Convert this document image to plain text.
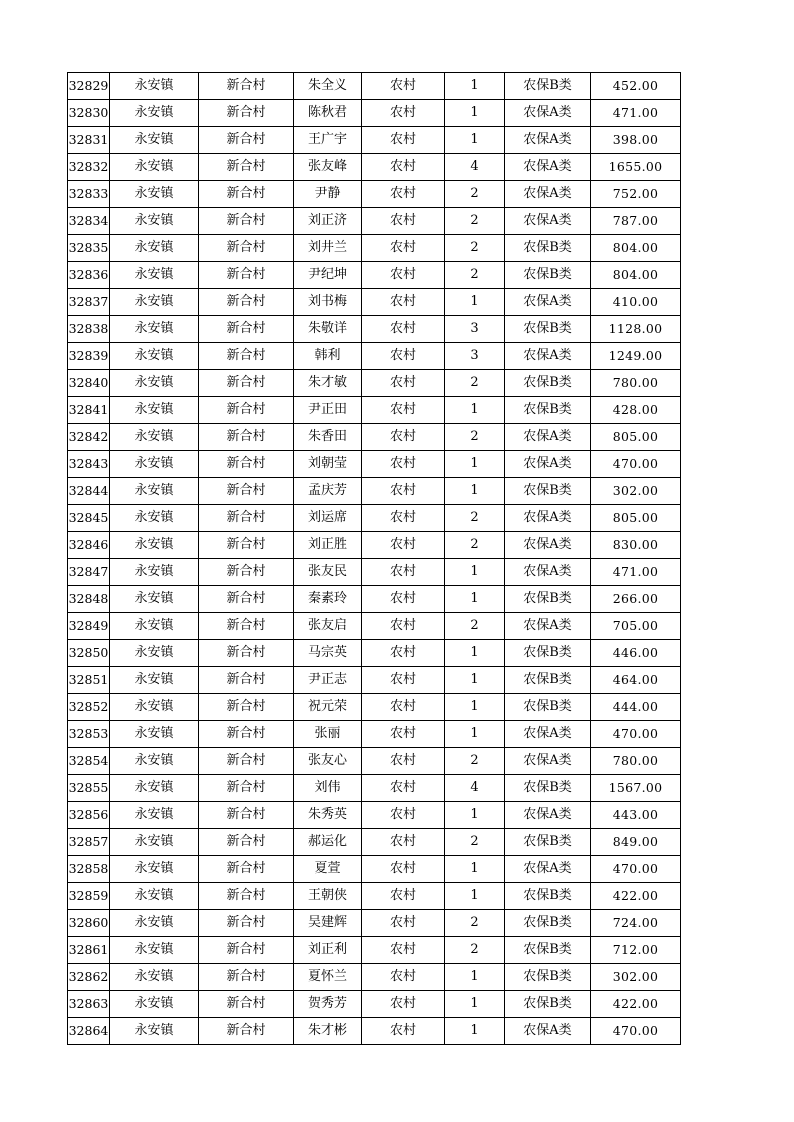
32829	永安镇	新合村	朱全义	农村	1	农保B类	452.00
32830	永安镇	新合村	陈秋君	农村	1	农保A类	471.00
32831	永安镇	新合村	王广宇	农村	1	农保A类	398.00
32832	永安镇	新合村	张友峰	农村	4	农保A类	1655.00
32833	永安镇	新合村	尹静	农村	2	农保A类	752.00
32834	永安镇	新合村	刘正济	农村	2	农保A类	787.00
32835	永安镇	新合村	刘井兰	农村	2	农保B类	804.00
32836	永安镇	新合村	尹纪坤	农村	2	农保B类	804.00
32837	永安镇	新合村	刘书梅	农村	1	农保A类	410.00
32838	永安镇	新合村	朱敬详	农村	3	农保B类	1128.00
32839	永安镇	新合村	韩利	农村	3	农保A类	1249.00
32840	永安镇	新合村	朱才敏	农村	2	农保B类	780.00
32841	永安镇	新合村	尹正田	农村	1	农保B类	428.00
32842	永安镇	新合村	朱香田	农村	2	农保A类	805.00
32843	永安镇	新合村	刘朝莹	农村	1	农保A类	470.00
32844	永安镇	新合村	孟庆芳	农村	1	农保B类	302.00
32845	永安镇	新合村	刘运席	农村	2	农保A类	805.00
32846	永安镇	新合村	刘正胜	农村	2	农保A类	830.00
32847	永安镇	新合村	张友民	农村	1	农保A类	471.00
32848	永安镇	新合村	秦素玲	农村	1	农保B类	266.00
32849	永安镇	新合村	张友启	农村	2	农保A类	705.00
32850	永安镇	新合村	马宗英	农村	1	农保B类	446.00
32851	永安镇	新合村	尹正志	农村	1	农保B类	464.00
32852	永安镇	新合村	祝元荣	农村	1	农保B类	444.00
32853	永安镇	新合村	张丽	农村	1	农保A类	470.00
32854	永安镇	新合村	张友心	农村	2	农保A类	780.00
32855	永安镇	新合村	刘伟	农村	4	农保B类	1567.00
32856	永安镇	新合村	朱秀英	农村	1	农保A类	443.00
32857	永安镇	新合村	郝运化	农村	2	农保B类	849.00
32858	永安镇	新合村	夏萱	农村	1	农保A类	470.00
32859	永安镇	新合村	王朝侠	农村	1	农保B类	422.00
32860	永安镇	新合村	吴建辉	农村	2	农保B类	724.00
32861	永安镇	新合村	刘正利	农村	2	农保B类	712.00
32862	永安镇	新合村	夏怀兰	农村	1	农保B类	302.00
32863	永安镇	新合村	贺秀芳	农村	1	农保B类	422.00
32864	永安镇	新合村	朱才彬	农村	1	农保A类	470.00
